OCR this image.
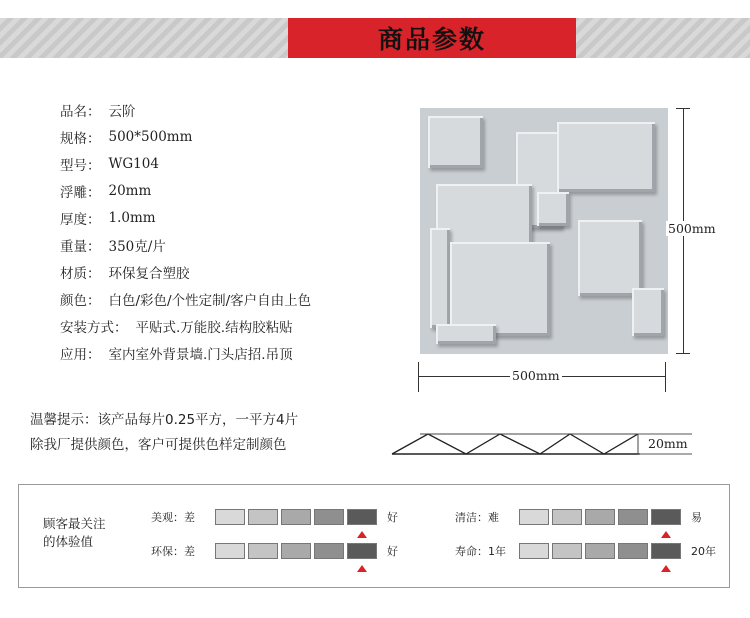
商品参数
品名： 云阶
规格： 500*500mm
型号： WG104
浮雕： 20mm
厚度： 1.0mm
重量： 350克/片
材质： 环保复合塑胶
颜色： 白色/彩色/个性定制/客户自由上色
安装方式： 平贴式.万能胶.结构胶粘贴
应用： 室内室外背景墙.门头店招.吊顶
500mm
500mm
温馨提示：该产品每片0.25平方，一平方4片
除我厂提供颜色，客户可提供色样定制颜色	20mm
顾客最关注
的体验值
美观：差	好
环保：差	好
清洁：难	易
寿命：1年	20年
